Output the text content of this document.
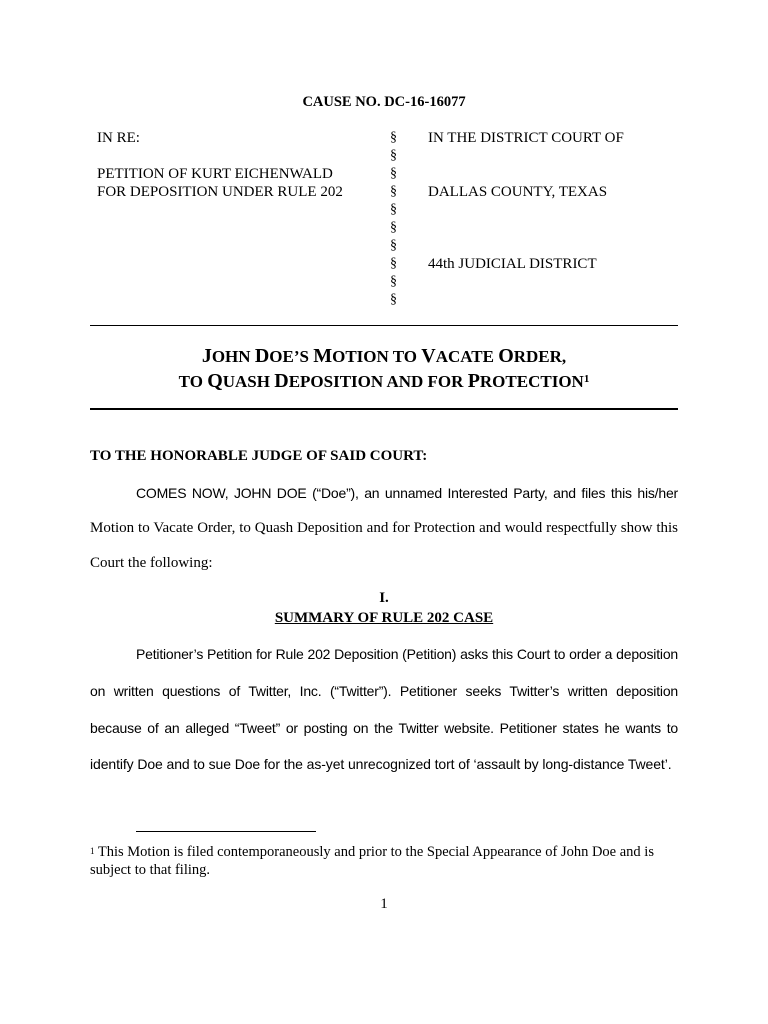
CAUSE NO. DC-16-16077
IN RE:
PETITION OF KURT EICHENWALD
FOR DEPOSITION UNDER RULE 202
§
§
§
§
§
§
§
§
§
§
IN THE DISTRICT COURT OF
DALLAS COUNTY, TEXAS
44th JUDICIAL DISTRICT
JOHN DOE’S MOTION TO VACATE ORDER,
TO QUASH DEPOSITION AND FOR PROTECTION$^1$
TO THE HONORABLE JUDGE OF SAID COURT:
COMES NOW, JOHN DOE (“Doe”), an unnamed Interested Party, and files this his/her
Motion to Vacate Order, to Quash Deposition and for Protection and would respectfully show this
Court the following:
I.
SUMMARY OF RULE 202 CASE
Petitioner’s Petition for Rule 202 Deposition (Petition) asks this Court to order a deposition
on written questions of Twitter, Inc. (“Twitter”). Petitioner seeks Twitter’s written deposition
because of an alleged “Tweet” or posting on the Twitter website. Petitioner states he wants to
identify Doe and to sue Doe for the as-yet unrecognized tort of ‘assault by long-distance Tweet’.
$^1$ This Motion is filed contemporaneously and prior to the Special Appearance of John Doe and is
subject to that filing.
1
